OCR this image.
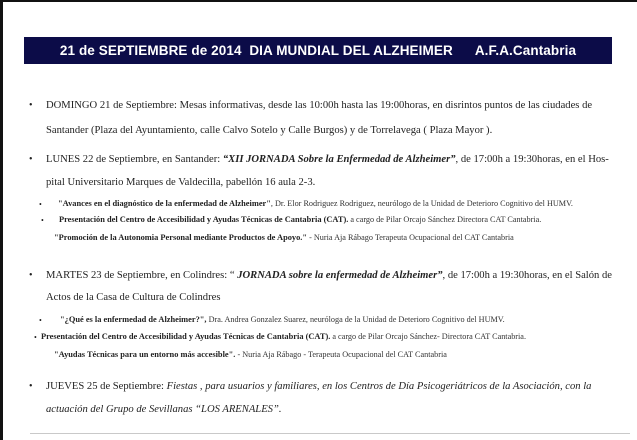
21 de SEPTIEMBRE de 2014  DIA MUNDIAL DEL ALZHEIMER A.F.A.Cantabria
• DOMINGO 21 de Septiembre: Mesas informativas, desde las 10:00h hasta las 19:00horas, en disrintos puntos de las ciudades de
Santander (Plaza del Ayuntamiento, calle Calvo Sotelo y Calle Burgos) y de Torrelavega ( Plaza Mayor ).
• LUNES 22 de Septiembre, en Santander: “XII JORNADA Sobre la Enfermedad de Alzheimer”, de 17:00h a 19:30horas, en el Hos-
pital Universitario Marques de Valdecilla, pabellón 16 aula 2-3.
• "Avances en el diagnóstico de la enfermedad de Alzheimer", Dr. Elor Rodriguez Rodriguez, neurólogo de la Unidad de Deterioro Cognitivo del HUMV.
• Presentación del Centro de Accesibilidad y Ayudas Técnicas de Cantabria (CAT). a cargo de Pilar Orcajo Sánchez Directora CAT Cantabria.
"Promoción de la Autonomia Personal mediante Productos de Apoyo." - Nuria Aja Rábago Terapeuta Ocupacional del CAT Cantabria
• MARTES 23 de Septiembre, en Colindres: “ JORNADA sobre la enfermedad de Alzheimer”, de 17:00h a 19:30horas, en el Salón de
Actos de la Casa de Cultura de Colindres
• "¿Qué es la enfermedad de Alzheimer?", Dra. Andrea Gonzalez Suarez, neuróloga de la Unidad de Deterioro Cognitivo del HUMV.
• Presentación del Centro de Accesibilidad y Ayudas Técnicas de Cantabria (CAT). a cargo de Pilar Orcajo Sánchez- Directora CAT Cantabria.
"Ayudas Técnicas para un entorno más accesible". - Nuria Aja Rábago - Terapeuta Ocupacional del CAT Cantabria
• JUEVES 25 de Septiembre: Fiestas , para usuarios y familiares, en los Centros de Día Psicogeriátricos de la Asociación, con la
actuación del Grupo de Sevillanas “LOS ARENALES”.
